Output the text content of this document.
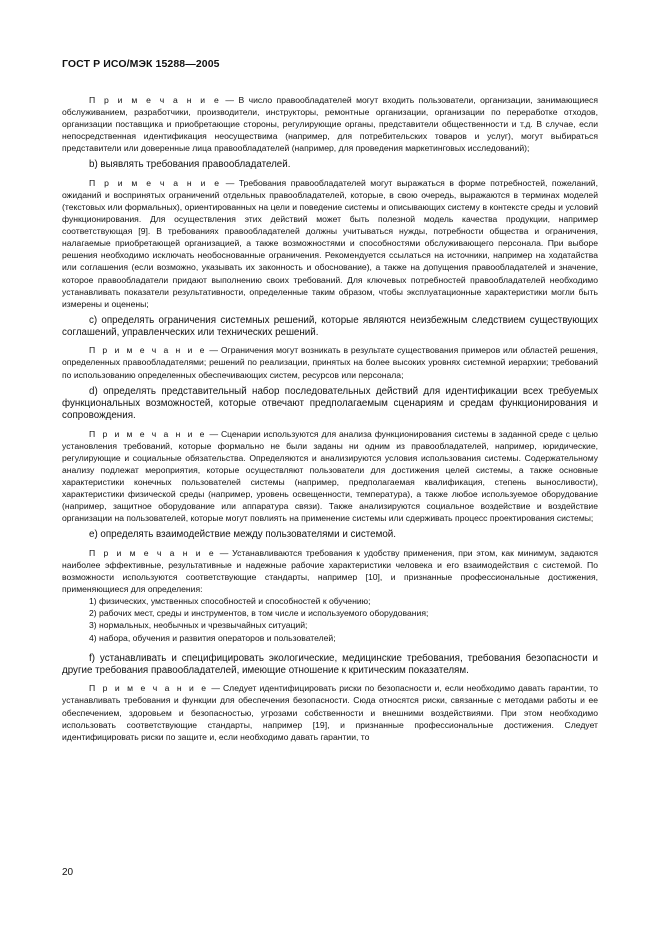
ГОСТ Р ИСО/МЭК 15288—2005

П р и м е ч а н и е — В число правообладателей могут входить пользователи, организации, занимающиеся обслуживанием, разработчики, производители, инструкторы, ремонтные организации, организации по переработке отходов, организации поставщика и приобретающие стороны, регулирующие органы, представители общественности и т.д. В случае, если непосредственная идентификация неосуществима (например, для потребительских товаров и услуг), могут выбираться представители или доверенные лица правообладателей (например, для проведения маркетинговых исследований);

b) выявлять требования правообладателей.

П р и м е ч а н и е — Требования правообладателей могут выражаться в форме потребностей, пожеланий, ожиданий и воспринятых ограничений отдельных правообладателей, которые, в свою очередь, выражаются в терминах моделей (текстовых или формальных), ориентированных на цели и поведение системы и описывающих систему в контексте среды и условий функционирования. Для осуществления этих действий может быть полезной модель качества продукции, например соответствующая [9]. В требованиях правообладателей должны учитываться нужды, потребности общества и ограничения, налагаемые приобретающей организацией, а также возможностями и способностями обслуживающего персонала. При выборе решения необходимо исключать необоснованные ограничения. Рекомендуется ссылаться на источники, например на ходатайства или соглашения (если возможно, указывать их законность и обоснование), а также на допущения правообладателей и значение, которое правообладатели придают выполнению своих требований. Для ключевых потребностей правообладателей необходимо устанавливать показатели результативности, определенные таким образом, чтобы эксплуатационные характеристики могли быть измерены и оценены;

c) определять ограничения системных решений, которые являются неизбежным следствием существующих соглашений, управленческих или технических решений.

П р и м е ч а н и е — Ограничения могут возникать в результате существования примеров или областей решения, определенных правообладателями; решений по реализации, принятых на более высоких уровнях системной иерархии; требований по использованию определенных обеспечивающих систем, ресурсов или персонала;

d) определять представительный набор последовательных действий для идентификации всех требуемых функциональных возможностей, которые отвечают предполагаемым сценариям и средам функционирования и сопровождения.

П р и м е ч а н и е — Сценарии используются для анализа функционирования системы в заданной среде с целью установления требований, которые формально не были заданы ни одним из правообладателей, например, юридические, регулирующие и социальные обязательства. Определяются и анализируются условия использования системы. Содержательному анализу подлежат мероприятия, которые осуществляют пользователи для достижения целей системы, а также основные характеристики конечных пользователей системы (например, предполагаемая квалификация, степень выносливости), характеристики физической среды (например, уровень освещенности, температура), а также любое используемое оборудование (например, защитное оборудование или аппаратура связи). Также анализируются социальное воздействие и воздействие организации на пользователей, которые могут повлиять на применение системы или сдерживать процесс проектирования системы;

e) определять взаимодействие между пользователями и системой.

П р и м е ч а н и е — Устанавливаются требования к удобству применения, при этом, как минимум, задаются наиболее эффективные, результативные и надежные рабочие характеристики человека и его взаимодействия с системой. По возможности используются соответствующие стандарты, например [10], и признанные профессиональные достижения, применяющиеся для определения:

1) физических, умственных способностей и способностей к обучению;
2) рабочих мест, среды и инструментов, в том числе и используемого оборудования;
3) нормальных, необычных и чрезвычайных ситуаций;
4) набора, обучения и развития операторов и пользователей;

f) устанавливать и специфицировать экологические, медицинские требования, требования безопасности и другие требования правообладателей, имеющие отношение к критическим показателям.

П р и м е ч а н и е — Следует идентифицировать риски по безопасности и, если необходимо давать гарантии, то устанавливать требования и функции для обеспечения безопасности. Сюда относятся риски, связанные с методами работы и ее обеспечением, здоровьем и безопасностью, угрозами собственности и внешними воздействиями. При этом необходимо использовать соответствующие стандарты, например [19], и признанные профессиональные достижения. Следует идентифицировать риски по защите и, если необходимо давать гарантии, то

20
